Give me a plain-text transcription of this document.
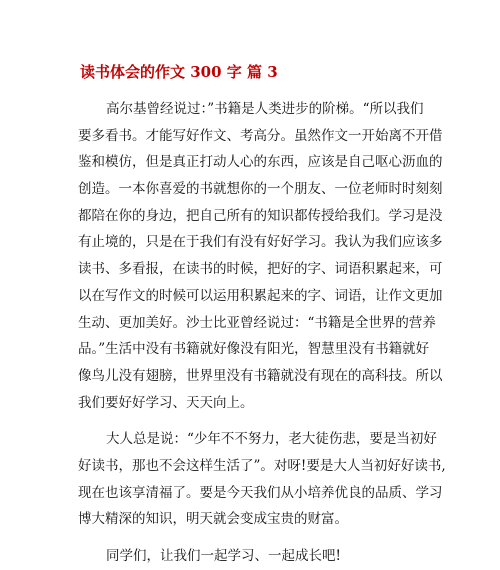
读书体会的作文 300 字 篇 3
高尔基曾经说过：”书籍是人类进步的阶梯。“所以我们
要多看书。才能写好作文、考高分。虽然作文一开始离不开借
鉴和模仿，但是真正打动人心的东西，应该是自己呕心沥血的
创造。一本你喜爱的书就想你的一个朋友、一位老师时时刻刻
都陪在你的身边，把自己所有的知识都传授给我们。学习是没
有止境的，只是在于我们有没有好好学习。我认为我们应该多
读书、多看报，在读书的时候，把好的字、词语积累起来，可
以在写作文的时候可以运用积累起来的字、词语，让作文更加
生动、更加美好。沙士比亚曾经说过：“书籍是全世界的营养
品。”生活中没有书籍就好像没有阳光，智慧里没有书籍就好
像鸟儿没有翅膀，世界里没有书籍就没有现在的高科技。所以
我们要好好学习、天天向上。
大人总是说：“少年不不努力，老大徒伤悲，要是当初好
好读书，那也不会这样生活了”。对呀!要是大人当初好好读书,
现在也该享清福了。要是今天我们从小培养优良的品质、学习
博大精深的知识，明天就会变成宝贵的财富。
同学们，让我们一起学习、一起成长吧!
